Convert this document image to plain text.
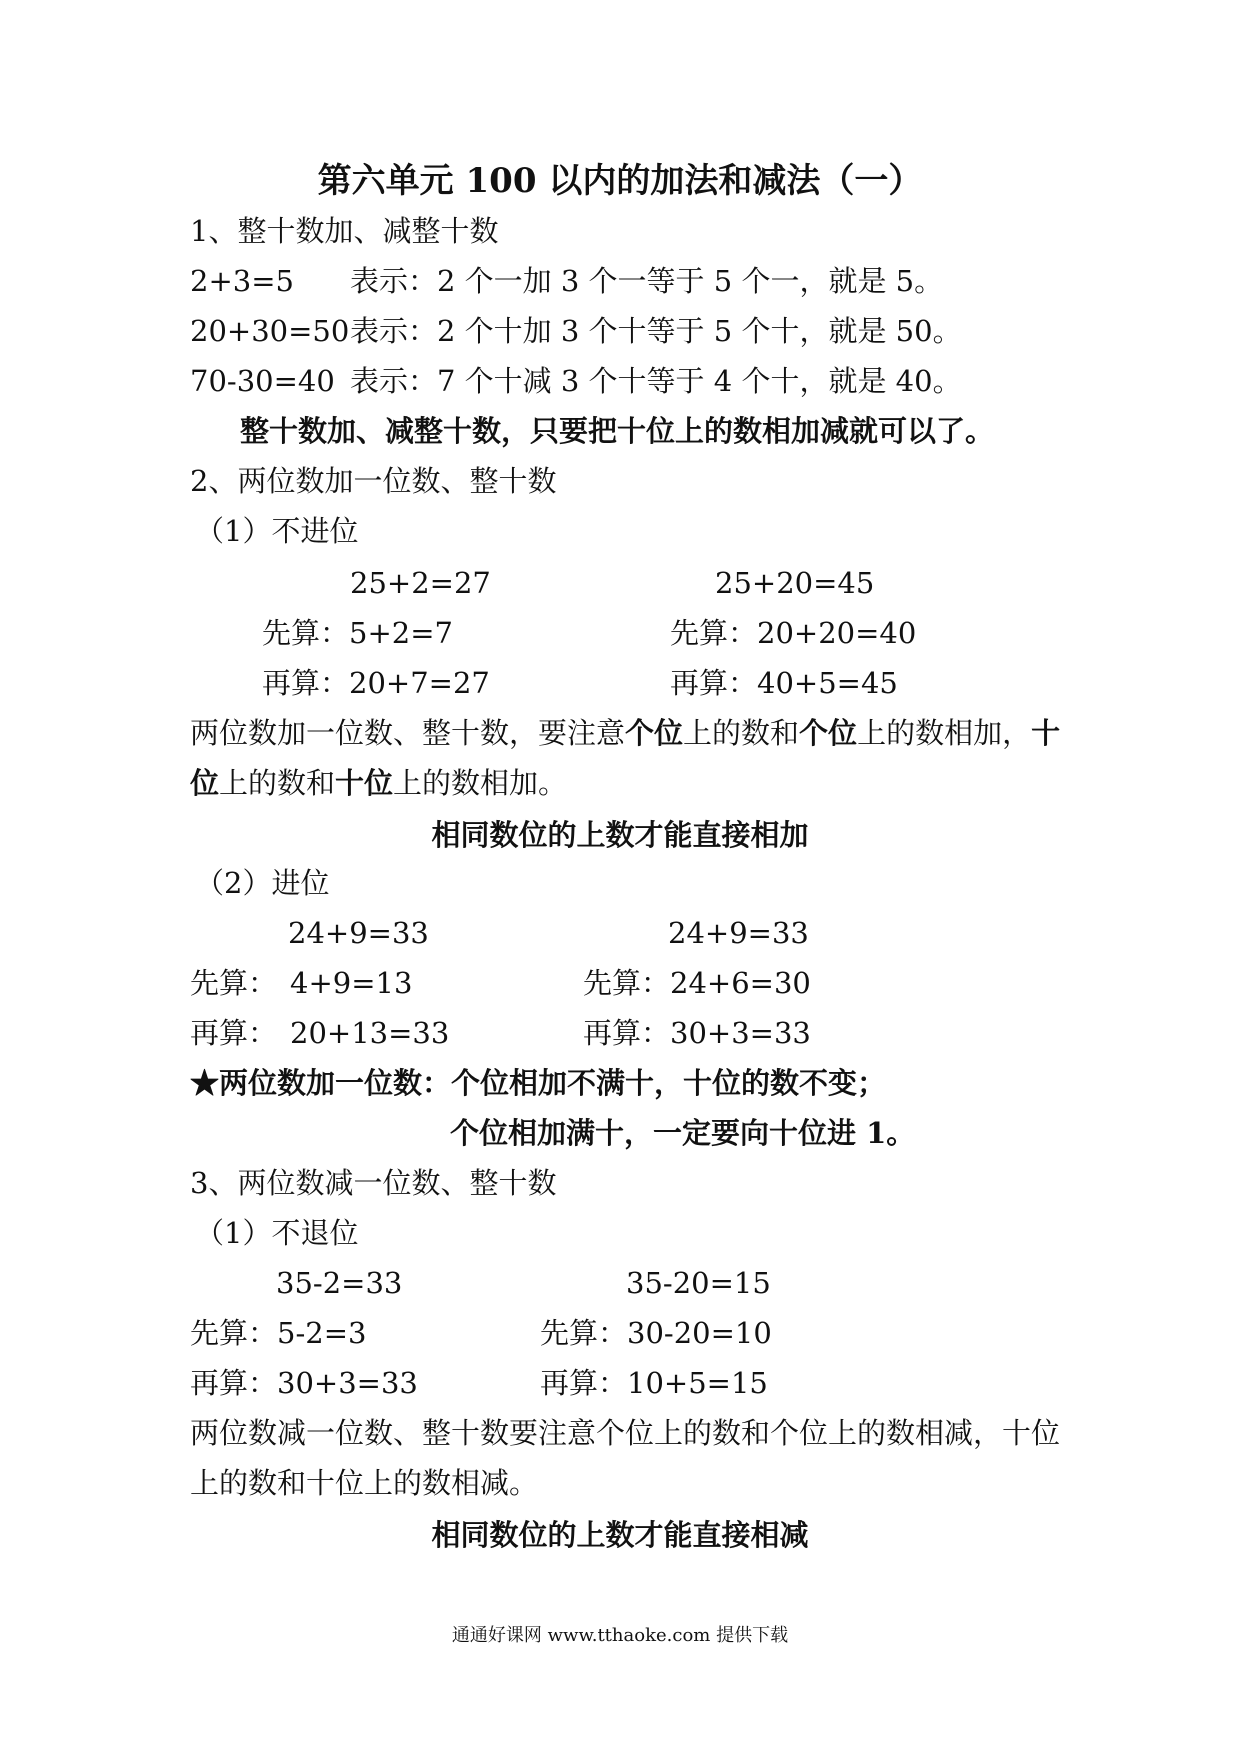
第六单元 100 以内的加法和减法（一）
1、整十数加、减整十数
2+3=5 表示：2 个一加 3 个一等于 5 个一，就是 5。
20+30=50 表示：2 个十加 3 个十等于 5 个十，就是 50。
70-30=40 表示：7 个十减 3 个十等于 4 个十，就是 40。
整十数加、减整十数，只要把十位上的数相加减就可以了。
2、两位数加一位数、整十数
（1）不进位
25+2=27	25+20=45
先算：5+2=7	先算：20+20=40
再算：20+7=27	再算：40+5=45
两位数加一位数、整十数，要注意个位上的数和个位上的数相加，十
位上的数和十位上的数相加。
相同数位的上数才能直接相加
（2）进位
24+9=33	24+9=33
先算： 4+9=13	先算：24+6=30
再算： 20+13=33	再算：30+3=33
★两位数加一位数：个位相加不满十，十位的数不变；
个位相加满十，一定要向十位进 1。
3、两位数减一位数、整十数
（1）不退位
35-2=33	35-20=15
先算：5-2=3	先算：30-20=10
再算：30+3=33	再算：10+5=15
两位数减一位数、整十数要注意个位上的数和个位上的数相减，十位
上的数和十位上的数相减。
相同数位的上数才能直接相减
通通好课网 www.tthaoke.com 提供下载
